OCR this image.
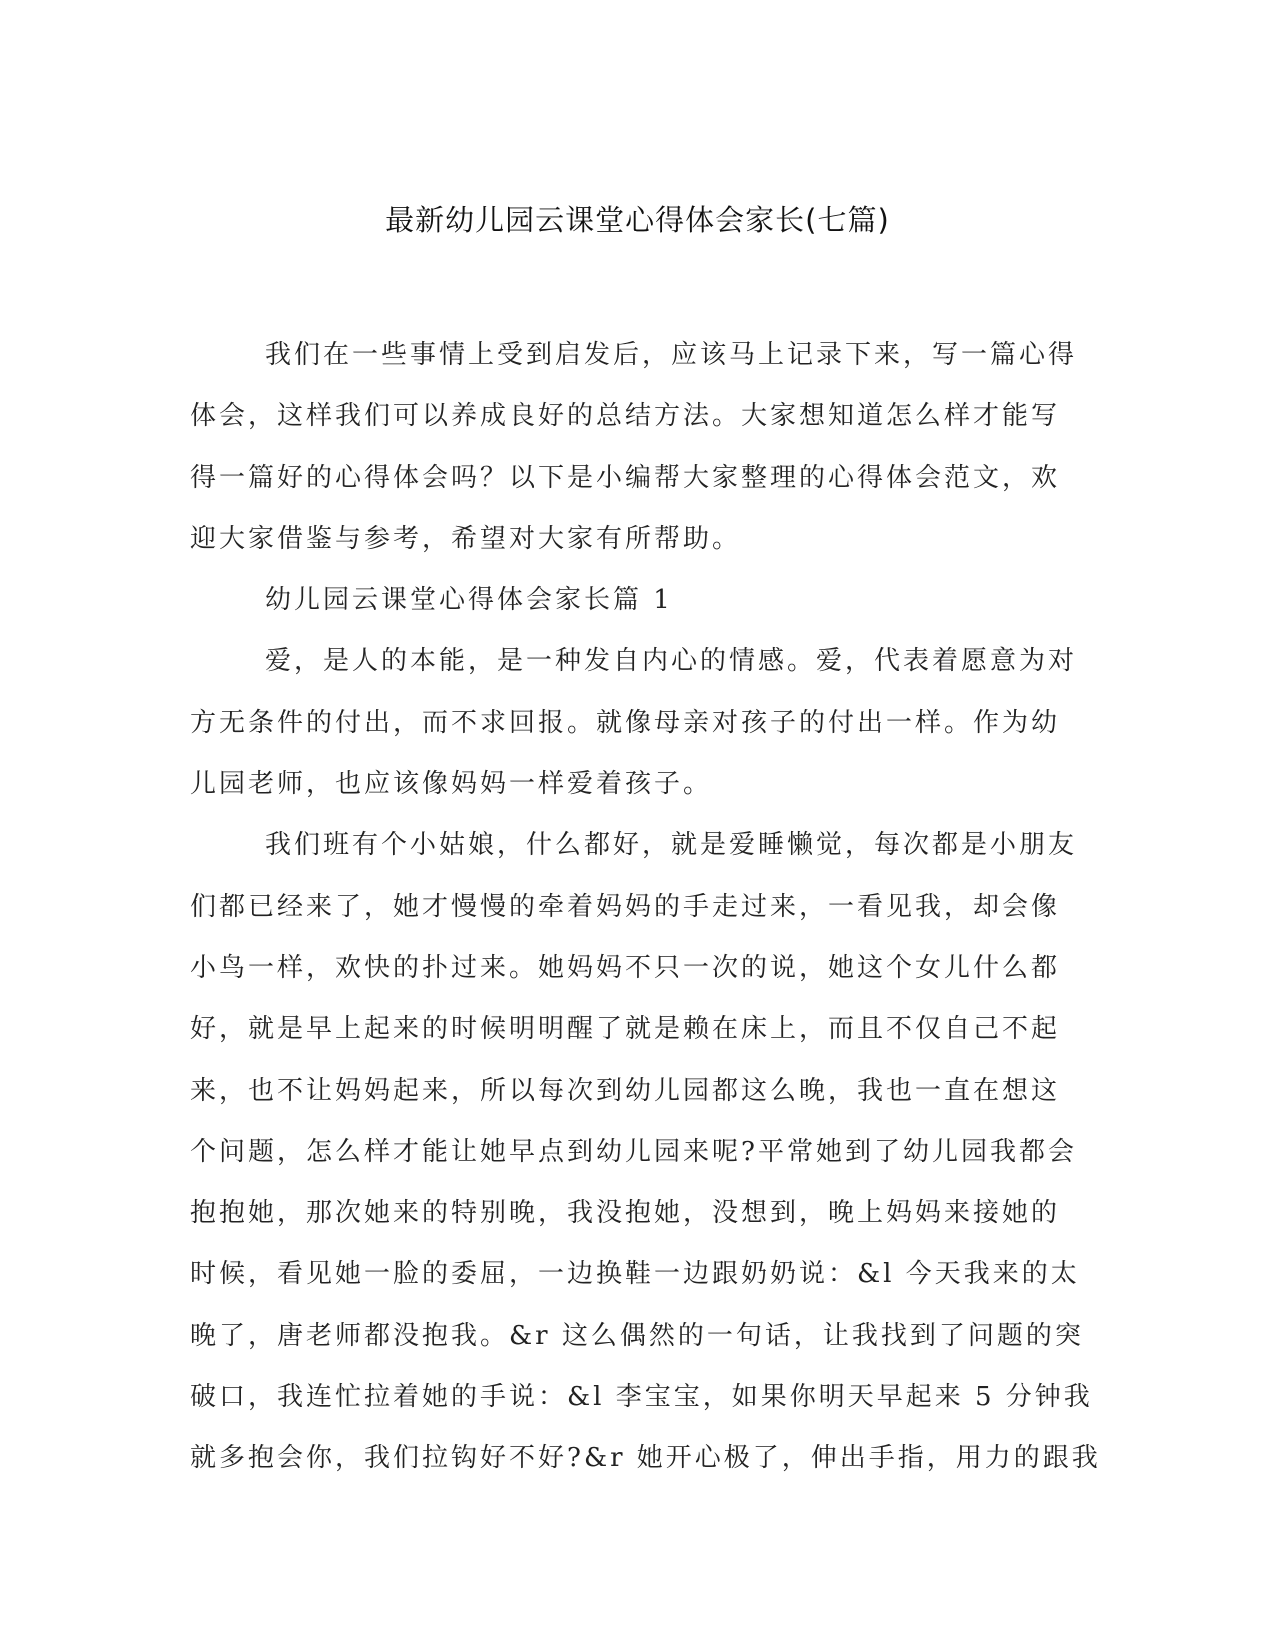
最新幼儿园云课堂心得体会家长(七篇)
我们在一些事情上受到启发后，应该马上记录下来，写一篇心得
体会，这样我们可以养成良好的总结方法。大家想知道怎么样才能写
得一篇好的心得体会吗？以下是小编帮大家整理的心得体会范文，欢
迎大家借鉴与参考，希望对大家有所帮助。
幼儿园云课堂心得体会家长篇 1
爱，是人的本能，是一种发自内心的情感。爱，代表着愿意为对
方无条件的付出，而不求回报。就像母亲对孩子的付出一样。作为幼
儿园老师，也应该像妈妈一样爱着孩子。
我们班有个小姑娘，什么都好，就是爱睡懒觉，每次都是小朋友
们都已经来了，她才慢慢的牵着妈妈的手走过来，一看见我，却会像
小鸟一样，欢快的扑过来。她妈妈不只一次的说，她这个女儿什么都
好，就是早上起来的时候明明醒了就是赖在床上，而且不仅自己不起
来，也不让妈妈起来，所以每次到幼儿园都这么晚，我也一直在想这
个问题，怎么样才能让她早点到幼儿园来呢?平常她到了幼儿园我都会
抱抱她，那次她来的特别晚，我没抱她，没想到，晚上妈妈来接她的
时候，看见她一脸的委屈，一边换鞋一边跟奶奶说：&l 今天我来的太
晚了，唐老师都没抱我。&r 这么偶然的一句话，让我找到了问题的突
破口，我连忙拉着她的手说：&l 李宝宝，如果你明天早起来 5 分钟我
就多抱会你，我们拉钩好不好?&r 她开心极了，伸出手指，用力的跟我
